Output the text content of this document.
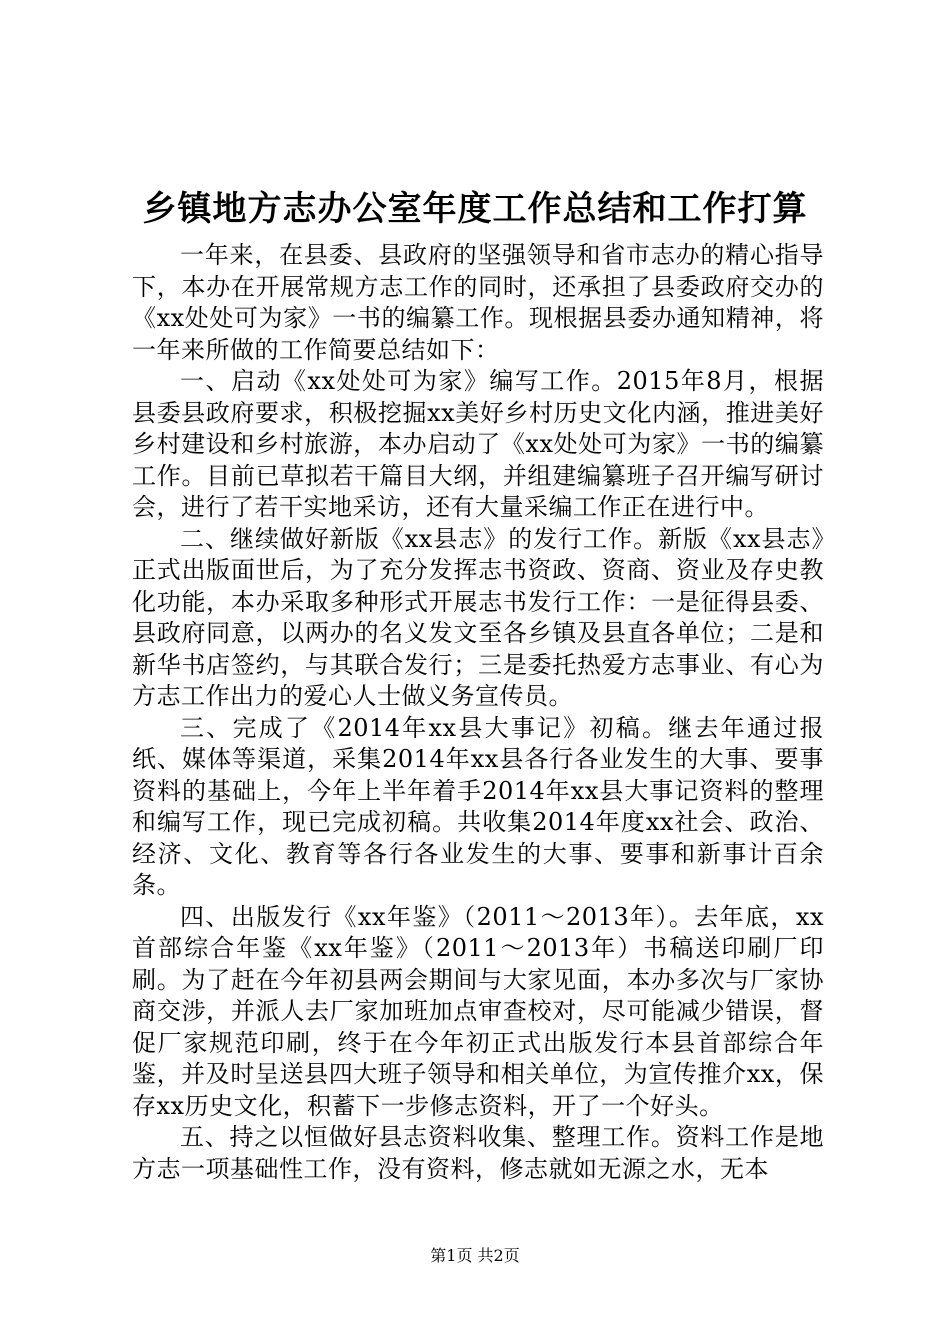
乡镇地方志办公室年度工作总结和工作打算

一年来，在县委、县政府的坚强领导和省市志办的精心指导下，本办在开展常规方志工作的同时，还承担了县委政府交办的《xx处处可为家》一书的编纂工作。现根据县委办通知精神，将一年来所做的工作简要总结如下：

一、启动《xx处处可为家》编写工作。2015年8月，根据县委县政府要求，积极挖掘xx美好乡村历史文化内涵，推进美好乡村建设和乡村旅游，本办启动了《xx处处可为家》一书的编纂工作。目前已草拟若干篇目大纲，并组建编纂班子召开编写研讨会，进行了若干实地采访，还有大量采编工作正在进行中。

二、继续做好新版《xx县志》的发行工作。新版《xx县志》正式出版面世后，为了充分发挥志书资政、资商、资业及存史教化功能，本办采取多种形式开展志书发行工作：一是征得县委、县政府同意，以两办的名义发文至各乡镇及县直各单位；二是和新华书店签约，与其联合发行；三是委托热爱方志事业、有心为方志工作出力的爱心人士做义务宣传员。

三、完成了《2014年xx县大事记》初稿。继去年通过报纸、媒体等渠道，采集2014年xx县各行各业发生的大事、要事资料的基础上，今年上半年着手2014年xx县大事记资料的整理和编写工作，现已完成初稿。共收集2014年度xx社会、政治、经济、文化、教育等各行各业发生的大事、要事和新事计百余条。

四、出版发行《xx年鉴》（2011～2013年）。去年底，xx首部综合年鉴《xx年鉴》（2011～2013年）书稿送印刷厂印刷。为了赶在今年初县两会期间与大家见面，本办多次与厂家协商交涉，并派人去厂家加班加点审查校对，尽可能减少错误，督促厂家规范印刷，终于在今年初正式出版发行本县首部综合年鉴，并及时呈送县四大班子领导和相关单位，为宣传推介xx，保存xx历史文化，积蓄下一步修志资料，开了一个好头。

五、持之以恒做好县志资料收集、整理工作。资料工作是地方志一项基础性工作，没有资料，修志就如无源之水，无本

第1页 共2页
